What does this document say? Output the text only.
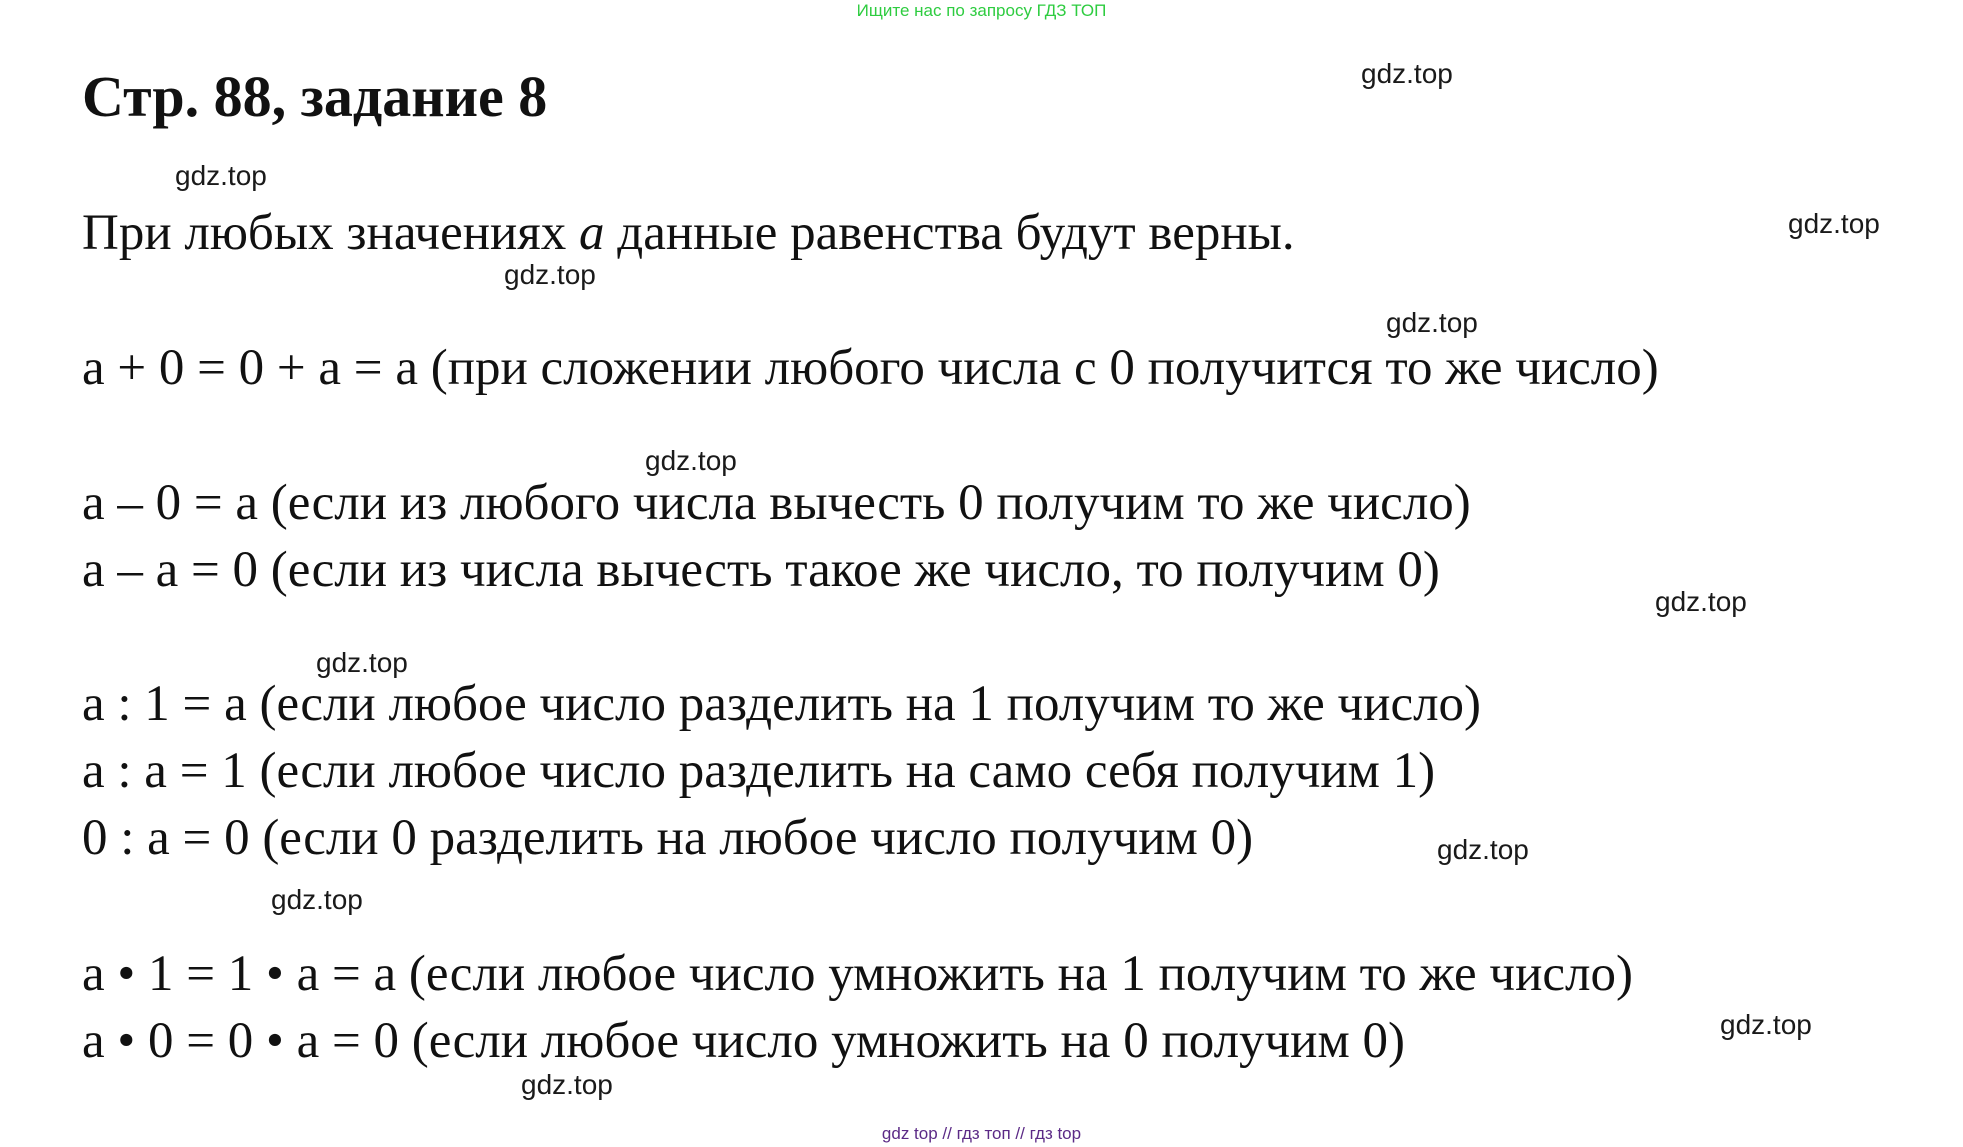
Ищите нас по запросу ГДЗ ТОП
Стр. 88, задание 8

При любых значениях a данные равенства будут верны.

a + 0 = 0 + a = a (при сложении любого числа с 0 получится то же число)

a – 0 = a (если из любого числа вычесть 0 получим то же число)

a – a = 0 (если из числа вычесть такое же число, то получим 0)

a : 1 = a (если любое число разделить на 1 получим то же число)

a : a = 1 (если любое число разделить на само себя получим 1)

0 : a = 0 (если 0 разделить на любое число получим 0)

a • 1 = 1 • a = a (если любое число умножить на 1 получим то же число)

a • 0 = 0 • a = 0 (если любое число умножить на 0 получим 0)

gdz.top
gdz.top
gdz.top
gdz.top
gdz.top
gdz.top
gdz.top
gdz.top
gdz.top
gdz.top
gdz.top
gdz.top
gdz top // гдз топ // гдз top
